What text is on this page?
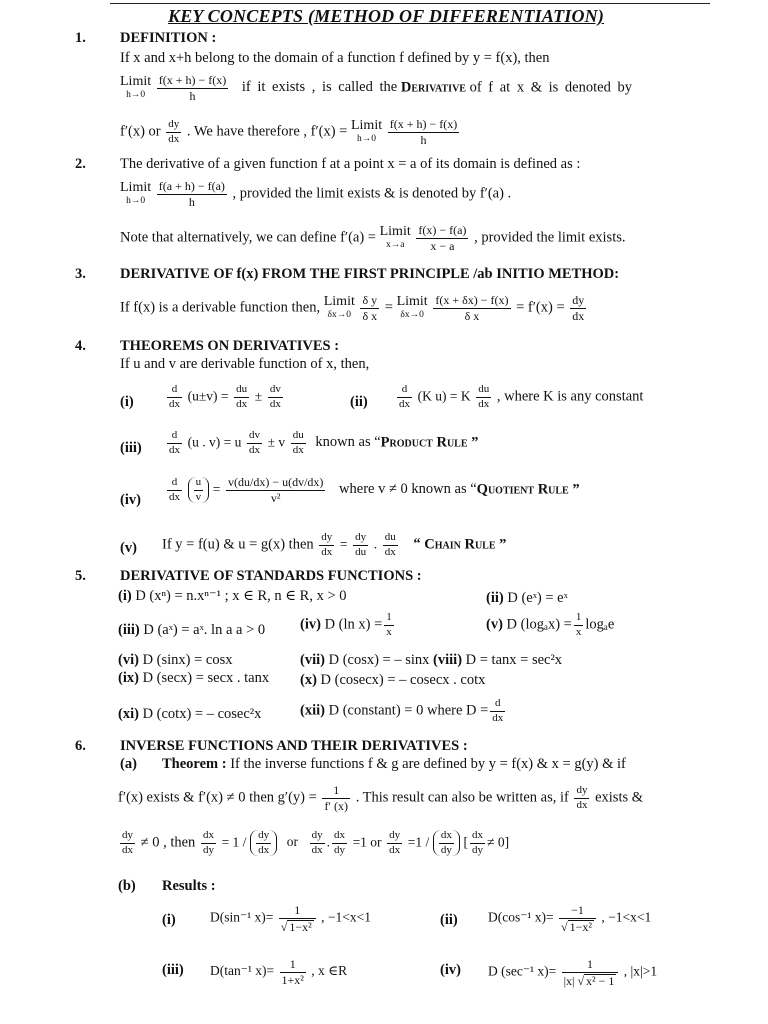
KEY CONCEPTS (METHOD OF DIFFERENTIATION)
1. DEFINITION :
If x and x+h belong to the domain of a function f defined by y = f(x), then
Limit
h→0
$\frac{f(x + h) - f(x)}{h}$ if it exists , is called the Derivative of f at x & is denoted by
f′(x) or $\frac{dy}{dx}$ . We have therefore , f′(x) = Limit
h→0
$\frac{f(x + h) - f(x)}{h}$
2. The derivative of a given function f at a point x = a of its domain is defined as :
Limit
h→0
$\frac{f(a + h) - f(a)}{h}$ , provided the limit exists & is denoted by f′(a) .
Note that alternatively, we can define f′(a) = Limit
x→a
$\frac{f(x) - f(a)}{x - a}$ , provided the limit exists.
3. DERIVATIVE OF f(x) FROM THE FIRST PRINCIPLE /ab INITIO METHOD:
If f(x) is a derivable function then, Limit
δx→0
$\frac{\text{δ y}}{\text{δ x}}$ = Limit
δx→0
$\frac{f(x + \delta x) - f(x)}{\text{δ x}} = f'(x) = \frac{dy}{dx}$
4. THEOREMS ON DERIVATIVES :
If u and v are derivable function of x, then,
(i)	$\frac{d}{dx} (u\pm v) = \frac{du}{dx} \pm \frac{dv}{dx}$	(ii)	$\frac{d}{dx} (K$ u) = K $\frac{du}{dx}$ , where K is any constant
$(iii) \frac{d}{dx} (u$ . v) = u $\frac{dv}{dx} \pm v \frac{du}{dx}$ known as “Product Rule ”
$(iv) \frac{d}{dx}$
$\frac{u}{v} = \frac{v(du/dx) - u(dv/dx)}{\text{v²}}$ where v ≠ 0 known as “Quotient Rule ”
(v) If y = f(u) & u = g(x) then $\frac{dy}{dx} = \frac{dy}{du}$ . $\frac{du}{dx}$ “ Chain Rule ”
5. DERIVATIVE OF STANDARDS FUNCTIONS :
(i) D (xⁿ) = n.xⁿ⁻¹ ; x ∈ R, n ∈ R, x > 0	(ii) D (eˣ) = eˣ
(iii) D (aˣ) = aˣ. ln a a > 0 (iv) D (ln $x) = \frac{1}{x}$	(v) D $(\log_ax) = \frac{1}{x}$ logₐe
(vi) D (sinx) = cosx	(vii) D (cosx) = – sinx (viii) D = tanx = sec²x
(ix) D (secx) = secx . tanx (x) D (cosecx) = – cosecx . cotx
(xi) D (cotx) = – cosec²x	(xii) D (constant) = 0 where $D = \frac{d}{dx}$
6. INVERSE FUNCTIONS AND THEIR DERIVATIVES :
(a) Theorem : If the inverse functions f & g are defined by y = f(x) & x = g(y) & if
f′(x) exists & f′(x) ≠ 0 then $g'(y) = \frac{1}{f' (x)}$ . This result can also be written as, if $\frac{dy}{dx}$ exists &
$\frac{dy}{dx} \ne 0$ , then $\frac{dx}{dy} = 1 / \frac{dy}{dx}$ or $\frac{dy}{dx}$ . $\frac{dx}{dy} =1$ or $\frac{dy}{dx} =1 / \frac{dx}{dy}$ [ $\frac{dx}{dy} \ne 0$]
(b) Results :
(i)	D(sin⁻¹ $x)= \frac{1}{\text{√ 1−x²}}$ , −1<x<1	(ii) D(cos⁻¹ $x)= \frac{-1}{\text{√ 1−x²}}$ , −1<x<1
(iii) D(tan⁻¹ $x)= \frac{1}{\text{1+x²}}$ , x ∈R	(iv) D (sec⁻¹ $x)= \frac{1}{\text{|x| √ x² − 1}}$ , |x|>1
